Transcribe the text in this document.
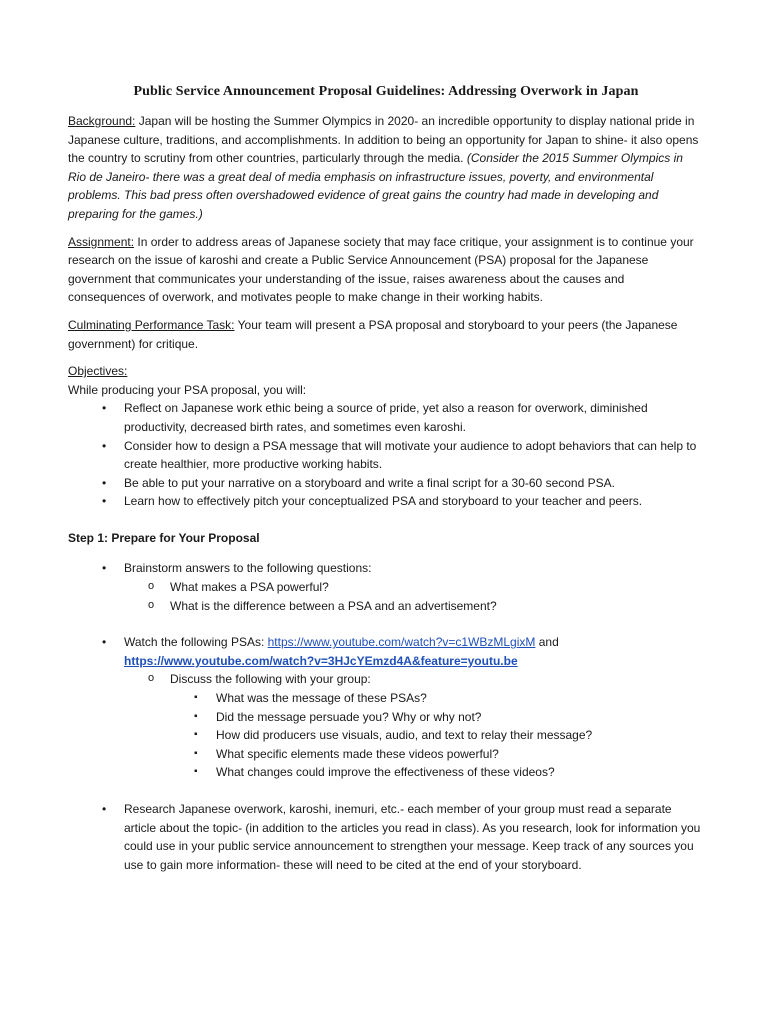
Public Service Announcement Proposal Guidelines: Addressing Overwork in Japan

Background: Japan will be hosting the Summer Olympics in 2020- an incredible opportunity to display national pride in Japanese culture, traditions, and accomplishments. In addition to being an opportunity for Japan to shine- it also opens the country to scrutiny from other countries, particularly through the media. (Consider the 2015 Summer Olympics in Rio de Janeiro- there was a great deal of media emphasis on infrastructure issues, poverty, and environmental problems. This bad press often overshadowed evidence of great gains the country had made in developing and preparing for the games.)

Assignment: In order to address areas of Japanese society that may face critique, your assignment is to continue your research on the issue of karoshi and create a Public Service Announcement (PSA) proposal for the Japanese government that communicates your understanding of the issue, raises awareness about the causes and consequences of overwork, and motivates people to make change in their working habits.

Culminating Performance Task: Your team will present a PSA proposal and storyboard to your peers (the Japanese government) for critique.

Objectives:
While producing your PSA proposal, you will:
• Reflect on Japanese work ethic being a source of pride, yet also a reason for overwork, diminished productivity, decreased birth rates, and sometimes even karoshi.
• Consider how to design a PSA message that will motivate your audience to adopt behaviors that can help to create healthier, more productive working habits.
• Be able to put your narrative on a storyboard and write a final script for a 30-60 second PSA.
• Learn how to effectively pitch your conceptualized PSA and storyboard to your teacher and peers.
Step 1: Prepare for Your Proposal
• Brainstorm answers to the following questions:
o What makes a PSA powerful?
o What is the difference between a PSA and an advertisement?
• Watch the following PSAs: https://www.youtube.com/watch?v=c1WBzMLgixM and
https://www.youtube.com/watch?v=3HJcYEmzd4A&feature=youtu.be
o Discuss the following with your group:
▪ What was the message of these PSAs?
▪ Did the message persuade you? Why or why not?
▪ How did producers use visuals, audio, and text to relay their message?
▪ What specific elements made these videos powerful?
▪ What changes could improve the effectiveness of these videos?
• Research Japanese overwork, karoshi, inemuri, etc.- each member of your group must read a separate article about the topic- (in addition to the articles you read in class). As you research, look for information you could use in your public service announcement to strengthen your message. Keep track of any sources you use to gain more information- these will need to be cited at the end of your storyboard.
